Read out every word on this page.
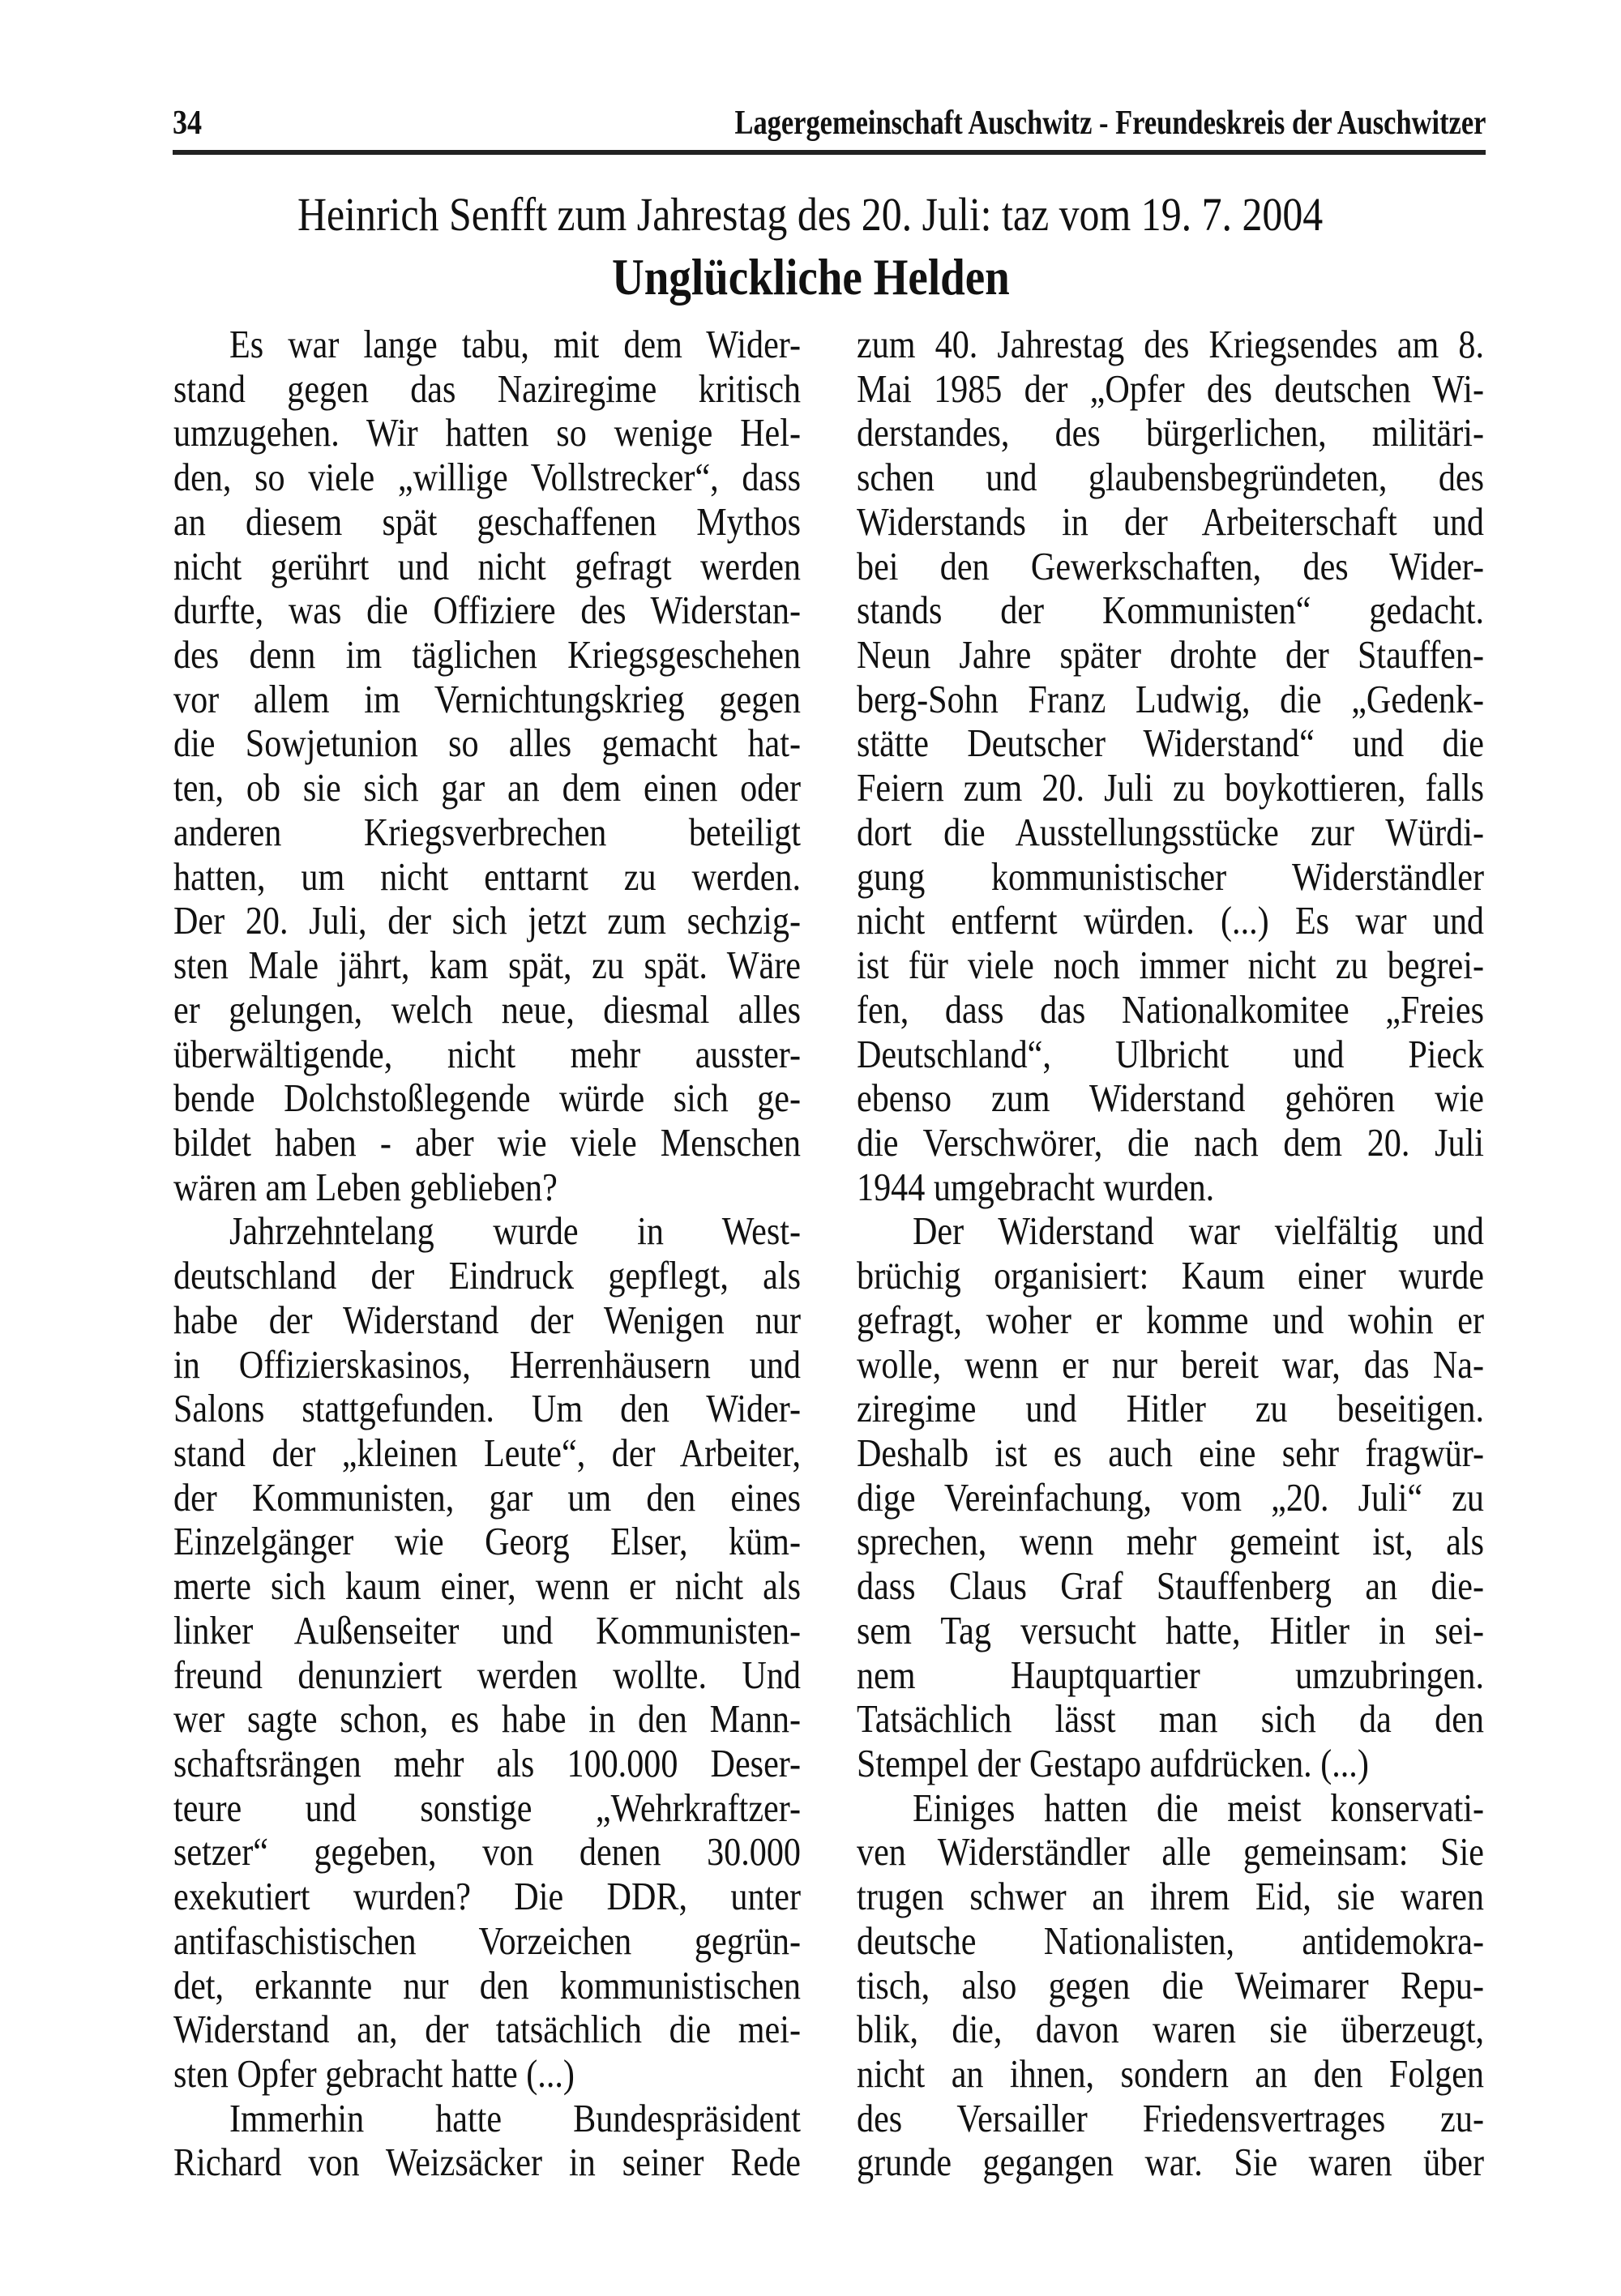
34	Lagergemeinschaft Auschwitz - Freundeskreis der Auschwitzer
Heinrich Senfft zum Jahrestag des 20. Juli: taz vom 19. 7. 2004
Unglückliche Helden
Es war lange tabu, mit dem Wider-
stand gegen das Naziregime kritisch
umzugehen. Wir hatten so wenige Hel-
den, so viele „willige Vollstrecker“, dass
an diesem spät geschaffenen Mythos
nicht gerührt und nicht gefragt werden
durfte, was die Offiziere des Widerstan-
des denn im täglichen Kriegsgeschehen
vor allem im Vernichtungskrieg gegen
die Sowjetunion so alles gemacht hat-
ten, ob sie sich gar an dem einen oder
anderen Kriegsverbrechen beteiligt
hatten, um nicht enttarnt zu werden.
Der 20. Juli, der sich jetzt zum sechzig-
sten Male jährt, kam spät, zu spät. Wäre
er gelungen, welch neue, diesmal alles
überwältigende, nicht mehr ausster-
bende Dolchstoßlegende würde sich ge-
bildet haben - aber wie viele Menschen
wären am Leben geblieben?
Jahrzehntelang wurde in West-
deutschland der Eindruck gepflegt, als
habe der Widerstand der Wenigen nur
in Offizierskasinos, Herrenhäusern und
Salons stattgefunden. Um den Wider-
stand der „kleinen Leute“, der Arbeiter,
der Kommunisten, gar um den eines
Einzelgänger wie Georg Elser, küm-
merte sich kaum einer, wenn er nicht als
linker Außenseiter und Kommunisten-
freund denunziert werden wollte. Und
wer sagte schon, es habe in den Mann-
schaftsrängen mehr als 100.000 Deser-
teure und sonstige „Wehrkraftzer-
setzer“ gegeben, von denen 30.000
exekutiert wurden? Die DDR, unter
antifaschistischen Vorzeichen gegrün-
det, erkannte nur den kommunistischen
Widerstand an, der tatsächlich die mei-
sten Opfer gebracht hatte (...)
Immerhin hatte Bundespräsident
Richard von Weizsäcker in seiner Rede
zum 40. Jahrestag des Kriegsendes am 8.
Mai 1985 der „Opfer des deutschen Wi-
derstandes, des bürgerlichen, militäri-
schen und glaubensbegründeten, des
Widerstands in der Arbeiterschaft und
bei den Gewerkschaften, des Wider-
stands der Kommunisten“ gedacht.
Neun Jahre später drohte der Stauffen-
berg-Sohn Franz Ludwig, die „Gedenk-
stätte Deutscher Widerstand“ und die
Feiern zum 20. Juli zu boykottieren, falls
dort die Ausstellungsstücke zur Würdi-
gung kommunistischer Widerständler
nicht entfernt würden. (...) Es war und
ist für viele noch immer nicht zu begrei-
fen, dass das Nationalkomitee „Freies
Deutschland“, Ulbricht und Pieck
ebenso zum Widerstand gehören wie
die Verschwörer, die nach dem 20. Juli
1944 umgebracht wurden.
Der Widerstand war vielfältig und
brüchig organisiert: Kaum einer wurde
gefragt, woher er komme und wohin er
wolle, wenn er nur bereit war, das Na-
ziregime und Hitler zu beseitigen.
Deshalb ist es auch eine sehr fragwür-
dige Vereinfachung, vom „20. Juli“ zu
sprechen, wenn mehr gemeint ist, als
dass Claus Graf Stauffenberg an die-
sem Tag versucht hatte, Hitler in sei-
nem Hauptquartier umzubringen.
Tatsächlich lässt man sich da den
Stempel der Gestapo aufdrücken. (...)
Einiges hatten die meist konservati-
ven Widerständler alle gemeinsam: Sie
trugen schwer an ihrem Eid, sie waren
deutsche Nationalisten, antidemokra-
tisch, also gegen die Weimarer Repu-
blik, die, davon waren sie überzeugt,
nicht an ihnen, sondern an den Folgen
des Versailler Friedensvertrages zu-
grunde gegangen war. Sie waren über
